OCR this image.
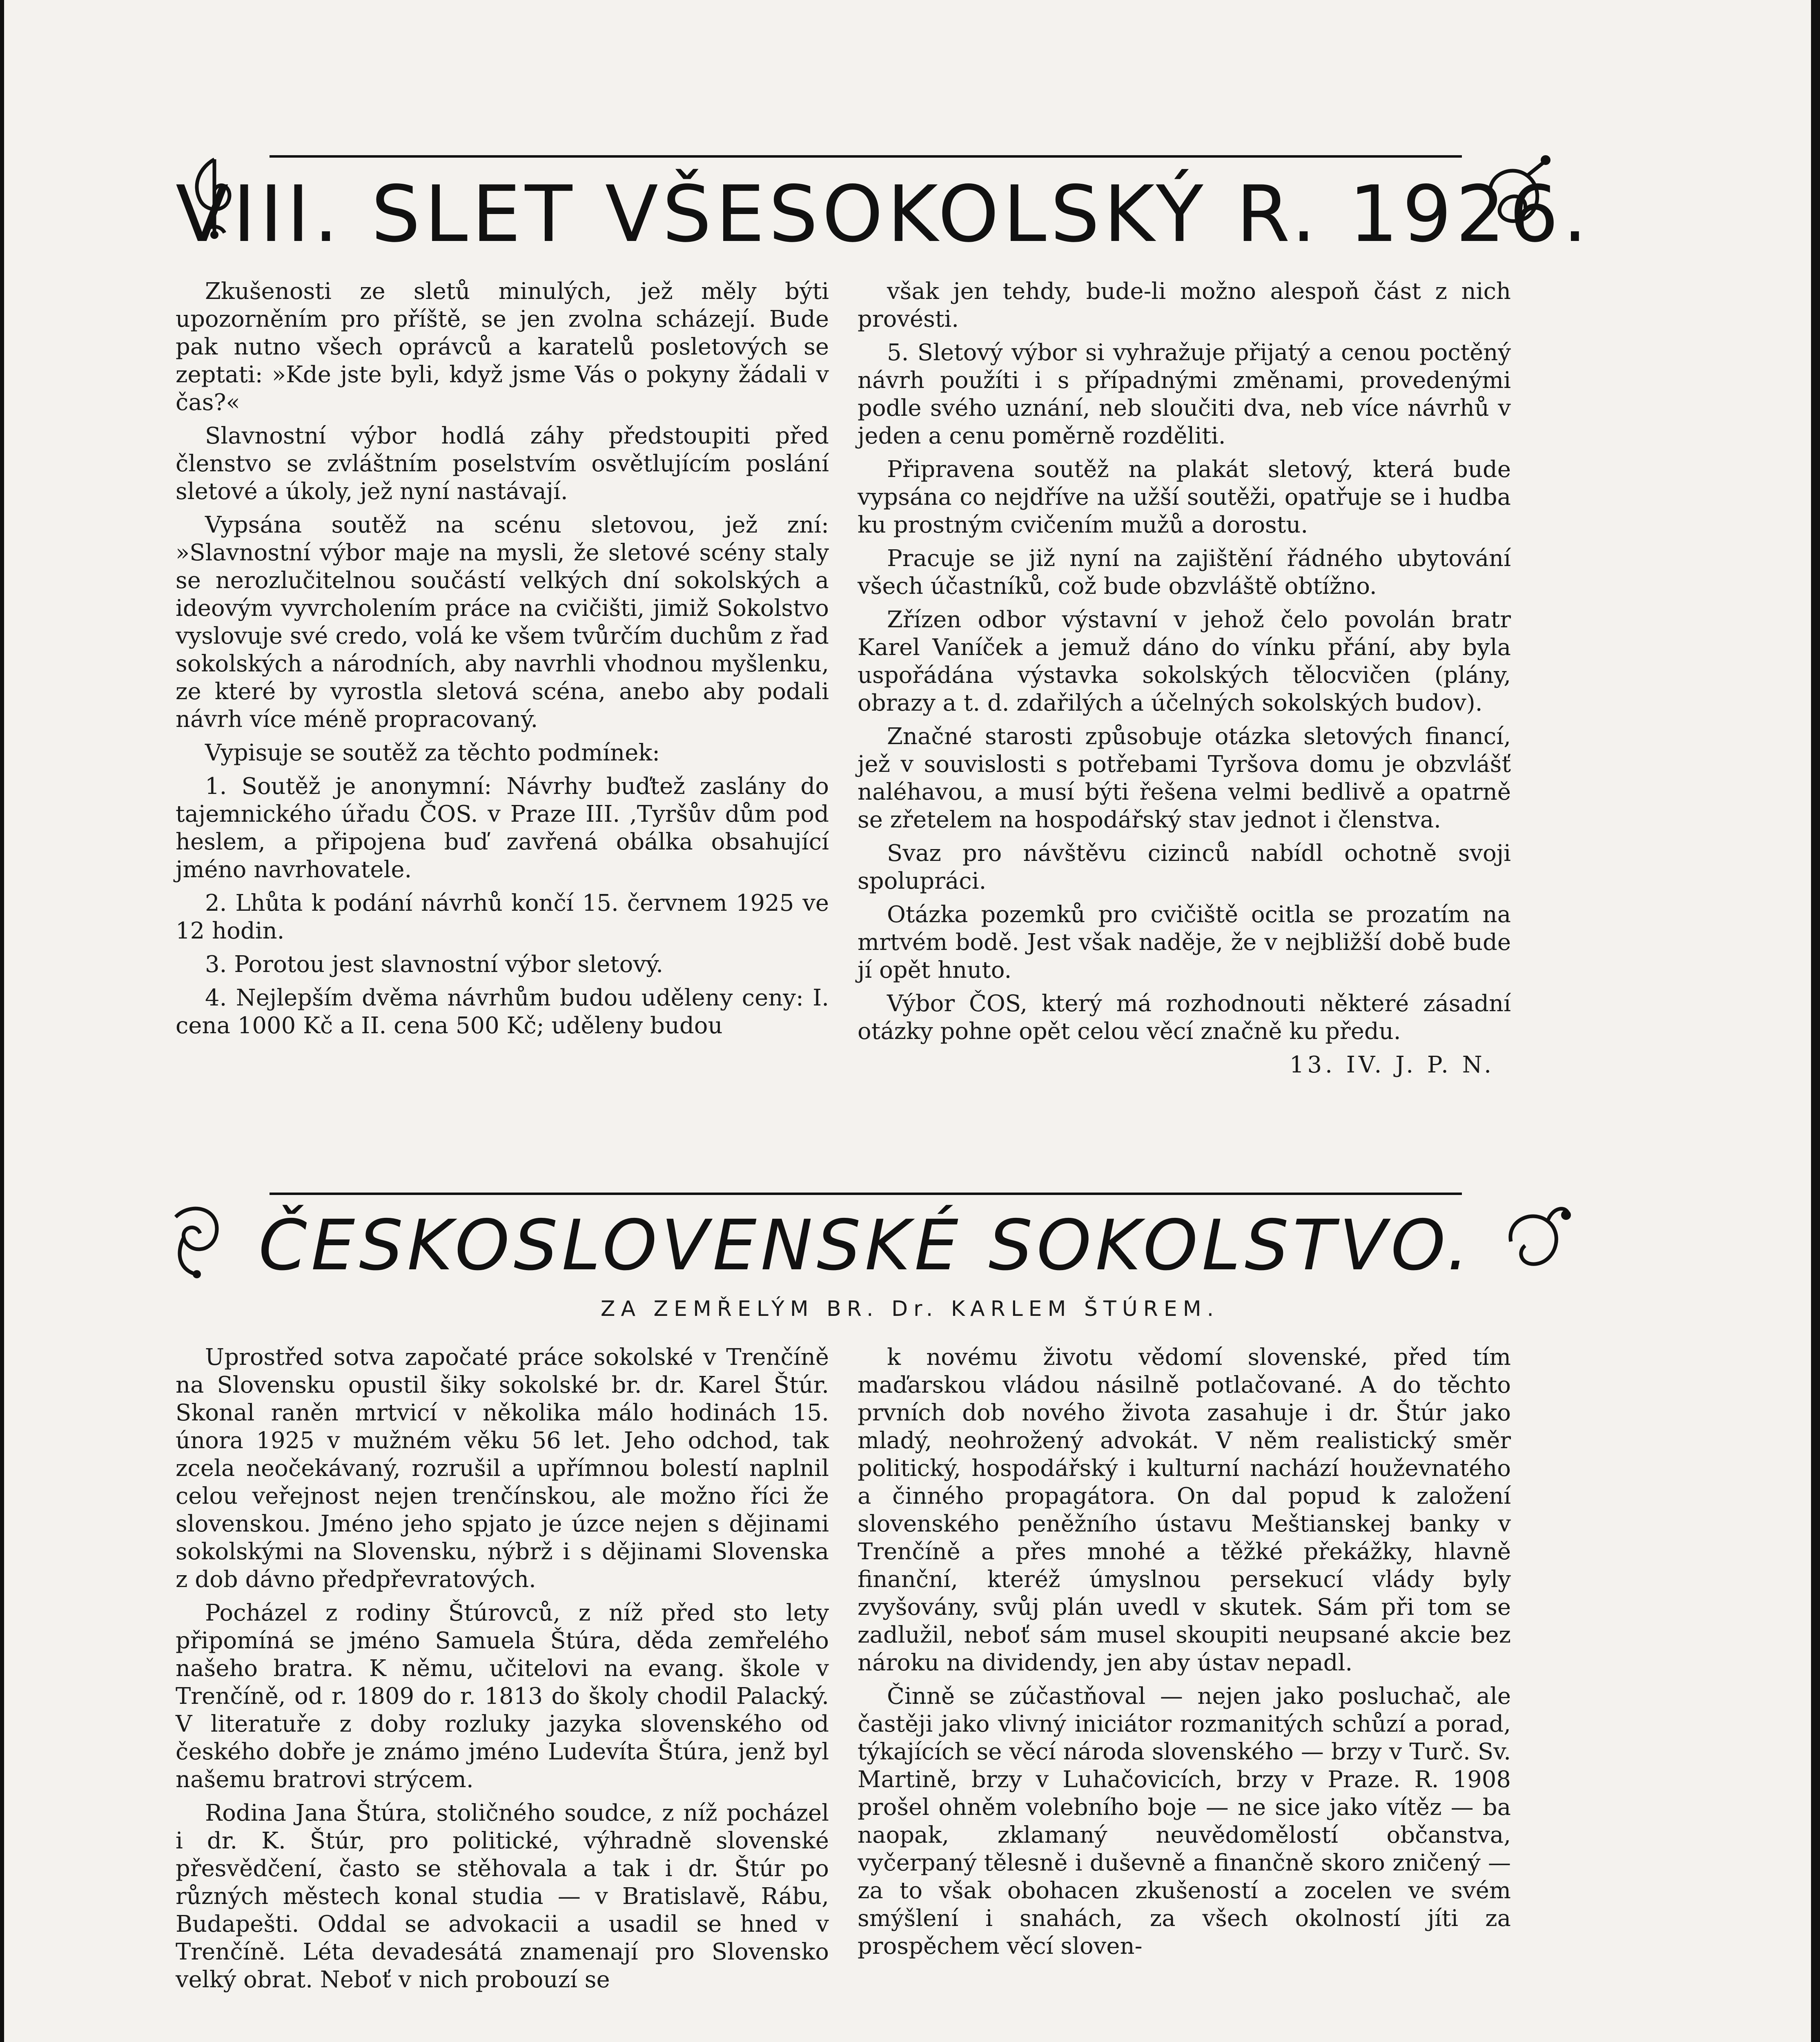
VIII. SLET VŠESOKOLSKÝ R. 1926.

Zkušenosti ze sletů minulých, jež měly býti upozorněním pro příště, se jen zvolna scházejí. Bude pak nutno všech oprávců a karatelů posletových se zeptati: »Kde jste byli, když jsme Vás o pokyny žádali v čas?«

Slavnostní výbor hodlá záhy předstoupiti před členstvo se zvláštním poselstvím osvětlujícím poslání sletové a úkoly, jež nyní nastávají.

Vypsána soutěž na scénu sletovou, jež zní: »Slavnostní výbor maje na mysli, že sletové scény staly se nerozlučitelnou součástí velkých dní sokolských a ideovým vyvrcholením práce na cvičišti, jimiž Sokolstvo vyslovuje své credo, volá ke všem tvůrčím duchům z řad sokolských a národních, aby navrhli vhodnou myšlenku, ze které by vyrostla sletová scéna, anebo aby podali návrh více méně propracovaný.

Vypisuje se soutěž za těchto podmínek:

1. Soutěž je anonymní: Návrhy buďtež zaslány do tajemnického úřadu ČOS. v Praze III. ,Tyršův dům pod heslem, a připojena buď zavřená obálka obsahující jméno navrhovatele.

2. Lhůta k podání návrhů končí 15. červnem 1925 ve 12 hodin.

3. Porotou jest slavnostní výbor sletový.

4. Nejlepším dvěma návrhům budou uděleny ceny: I. cena 1000 Kč a II. cena 500 Kč; uděleny budou

však jen tehdy, bude-li možno alespoň část z nich provésti.

5. Sletový výbor si vyhražuje přijatý a cenou poctěný návrh použíti i s případnými změnami, provedenými podle svého uznání, neb sloučiti dva, neb více návrhů v jeden a cenu poměrně rozděliti.

Připravena soutěž na plakát sletový, která bude vypsána co nejdříve na užší soutěži, opatřuje se i hudba ku prostným cvičením mužů a dorostu.

Pracuje se již nyní na zajištění řádného ubytování všech účastníků, což bude obzvláště obtížno.

Zřízen odbor výstavní v jehož čelo povolán bratr Karel Vaníček a jemuž dáno do vínku přání, aby byla uspořádána výstavka sokolských tělocvičen (plány, obrazy a t. d. zdařilých a účelných sokolských budov).

Značné starosti způsobuje otázka sletových financí, jež v souvislosti s potřebami Tyršova domu je obzvlášť naléhavou, a musí býti řešena velmi bedlivě a opatrně se zřetelem na hospodářský stav jednot i členstva.

Svaz pro návštěvu cizinců nabídl ochotně svoji spolupráci.

Otázka pozemků pro cvičiště ocitla se prozatím na mrtvém bodě. Jest však naděje, že v nejbližší době bude jí opět hnuto.

Výbor ČOS, který má rozhodnouti některé zásadní otázky pohne opět celou věcí značně ku předu.

13. IV. J. P. N.
ČESKOSLOVENSKÉ SOKOLSTVO.
ZA ZEMŘELÝM BR. Dr. KARLEM ŠTÚREM.

Uprostřed sotva započaté práce sokolské v Trenčíně na Slovensku opustil šiky sokolské br. dr. Karel Štúr. Skonal raněn mrtvicí v několika málo hodinách 15. února 1925 v mužném věku 56 let. Jeho odchod, tak zcela neočekávaný, rozrušil a upřímnou bolestí naplnil celou veřejnost nejen trenčínskou, ale možno říci že slovenskou. Jméno jeho spjato je úzce nejen s dějinami sokolskými na Slovensku, nýbrž i s dějinami Slovenska z dob dávno předpřevratových.

Pocházel z rodiny Štúrovců, z níž před sto lety připomíná se jméno Samuela Štúra, děda zemřelého našeho bratra. K němu, učitelovi na evang. škole v Trenčíně, od r. 1809 do r. 1813 do školy chodil Palacký. V literatuře z doby rozluky jazyka slovenského od českého dobře je známo jméno Ludevíta Štúra, jenž byl našemu bratrovi strýcem.

Rodina Jana Štúra, stoličného soudce, z níž pocházel i dr. K. Štúr, pro politické, výhradně slovenské přesvědčení, často se stěhovala a tak i dr. Štúr po různých městech konal studia — v Bratislavě, Rábu, Budapešti. Oddal se advokacii a usadil se hned v Trenčíně. Léta devadesátá znamenají pro Slovensko velký obrat. Neboť v nich probouzí se

k novému životu vědomí slovenské, před tím maďarskou vládou násilně potlačované. A do těchto prvních dob nového života zasahuje i dr. Štúr jako mladý, neohrožený advokát. V něm realistický směr politický, hospodářský i kulturní nachází houževnatého a činného propagátora. On dal popud k založení slovenského peněžního ústavu Meštianskej banky v Trenčíně a přes mnohé a těžké překážky, hlavně finanční, kteréž úmyslnou persekucí vlády byly zvyšovány, svůj plán uvedl v skutek. Sám při tom se zadlužil, neboť sám musel skoupiti neupsané akcie bez nároku na dividendy, jen aby ústav nepadl.

Činně se zúčastňoval — nejen jako posluchač, ale častěji jako vlivný iniciátor rozmanitých schůzí a porad, týkajících se věcí národa slovenského — brzy v Turč. Sv. Martině, brzy v Luhačovicích, brzy v Praze. R. 1908 prošel ohněm volebního boje — ne sice jako vítěz — ba naopak, zklamaný neuvědomělostí občanstva, vyčerpaný tělesně i duševně a finančně skoro zničený — za to však obohacen zkušeností a zocelen ve svém smýšlení i snahách, za všech okolností jíti za prospěchem věcí sloven-
